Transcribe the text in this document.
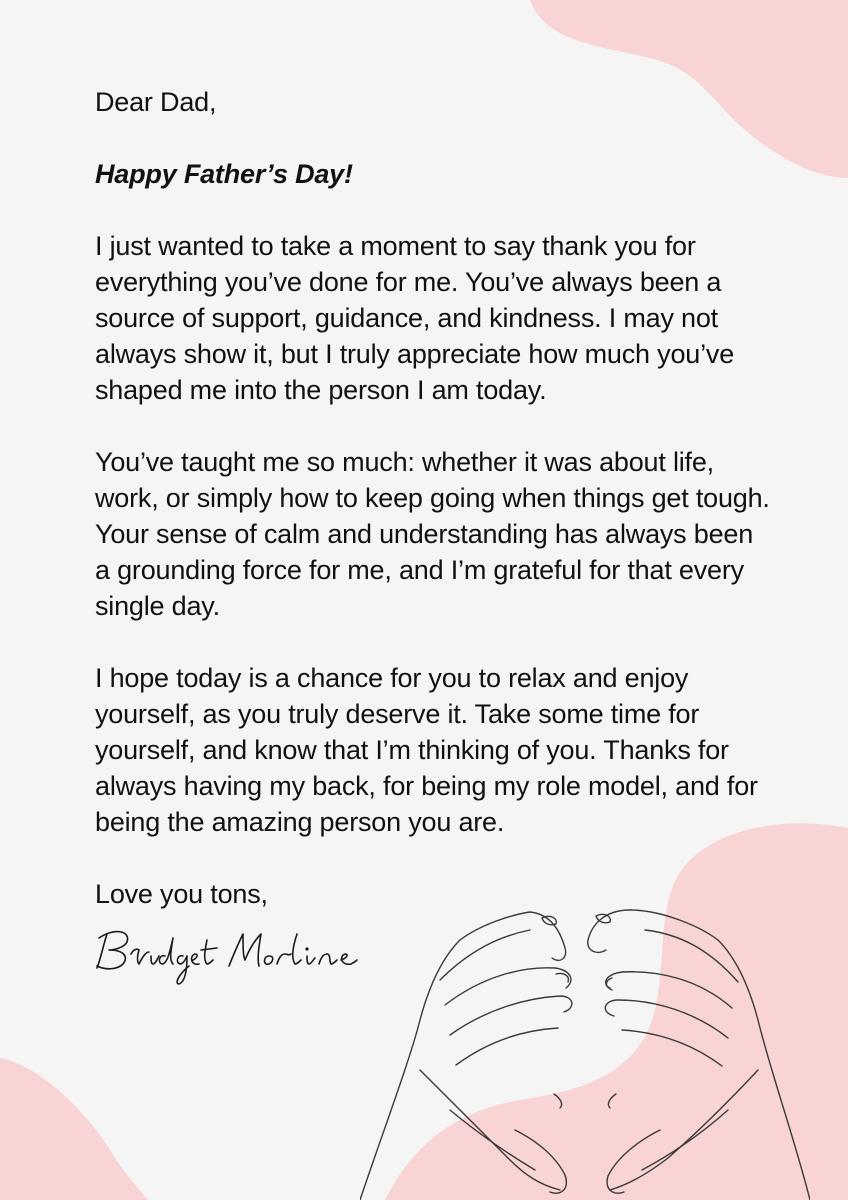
Dear Dad,

Happy Father’s Day!

I just wanted to take a moment to say thank you for everything you’ve done for me. You’ve always been a source of support, guidance, and kindness. I may not always show it, but I truly appreciate how much you’ve shaped me into the person I am today.

You’ve taught me so much: whether it was about life, work, or simply how to keep going when things get tough. Your sense of calm and understanding has always been a grounding force for me, and I’m grateful for that every single day.

I hope today is a chance for you to relax and enjoy yourself, as you truly deserve it. Take some time for yourself, and know that I’m thinking of you. Thanks for always having my back, for being my role model, and for being the amazing person you are.

Love you tons,
